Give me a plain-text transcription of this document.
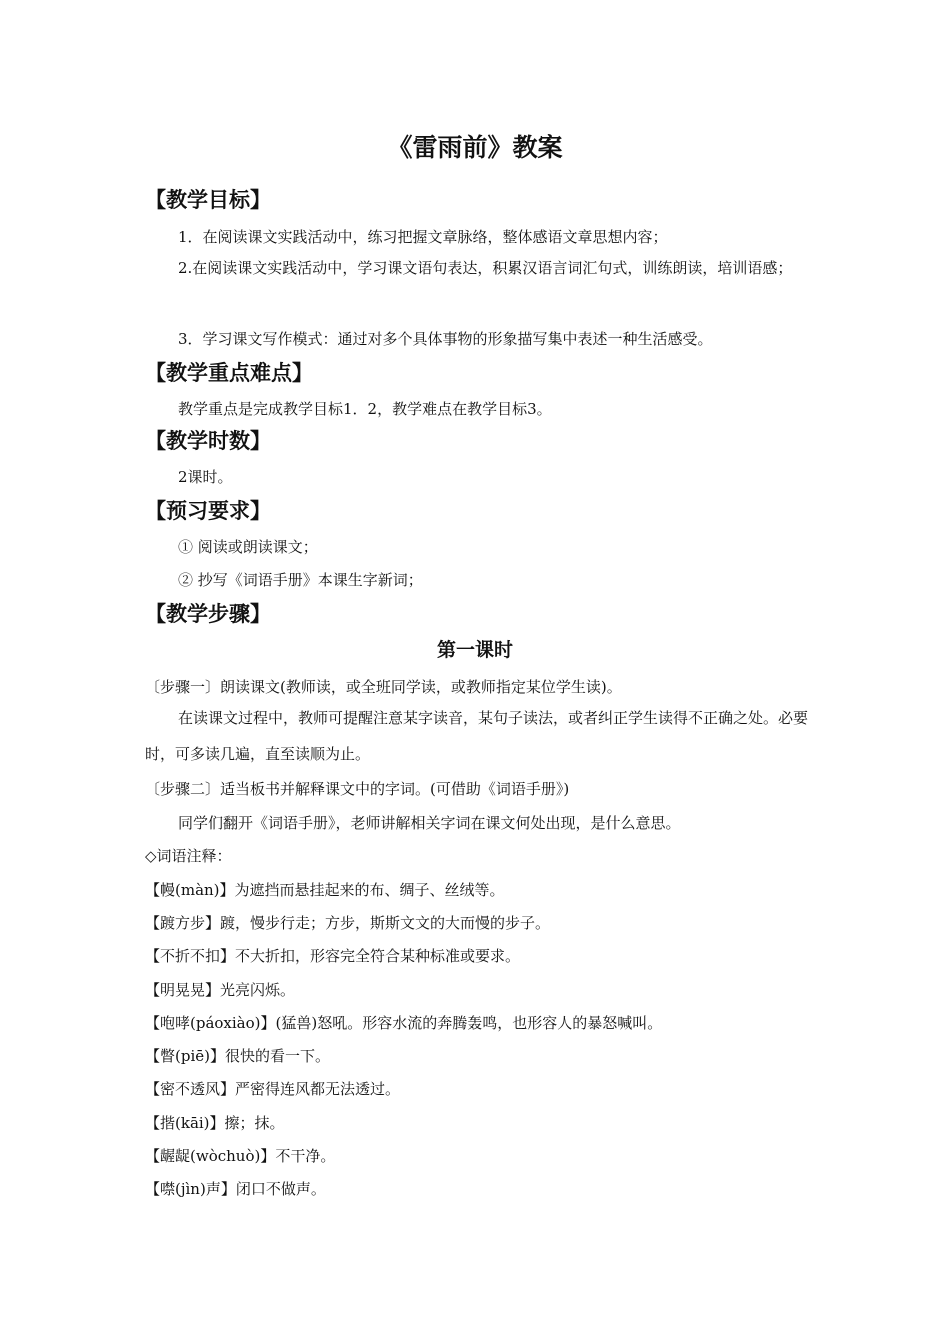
《雷雨前》教案
【教学目标】
1．在阅读课文实践活动中，练习把握文章脉络，整体感语文章思想内容；
2.在阅读课文实践活动中，学习课文语句表达，积累汉语言词汇句式，训练朗读，培训语感；
3．学习课文写作模式：通过对多个具体事物的形象描写集中表述一种生活感受。
【教学重点难点】
教学重点是完成教学目标1．2，教学难点在教学目标3。
【教学时数】
2课时。
【预习要求】
① 阅读或朗读课文；
② 抄写《词语手册》本课生字新词；
【教学步骤】
第一课时
〔步骤一〕朗读课文(教师读，或全班同学读，或教师指定某位学生读)。
在读课文过程中，教师可提醒注意某字读音，某句子读法，或者纠正学生读得不正确之处。必要时，可多读几遍，直至读顺为止。
〔步骤二〕适当板书并解释课文中的字词。(可借助《词语手册》)
同学们翻开《词语手册》，老师讲解相关字词在课文何处出现，是什么意思。
◇词语注释：
【幔(màn)】为遮挡而悬挂起来的布、绸子、丝绒等。
【踱方步】踱，慢步行走；方步，斯斯文文的大而慢的步子。
【不折不扣】不大折扣，形容完全符合某种标准或要求。
【明晃晃】光亮闪烁。
【咆哮(páoxiào)】(猛兽)怒吼。形容水流的奔腾轰鸣，也形容人的暴怒喊叫。
【瞥(piē)】很快的看一下。
【密不透风】严密得连风都无法透过。
【揩(kāi)】擦；抹。
【龌龊(wòchuò)】不干净。
【噤(jìn)声】闭口不做声。
